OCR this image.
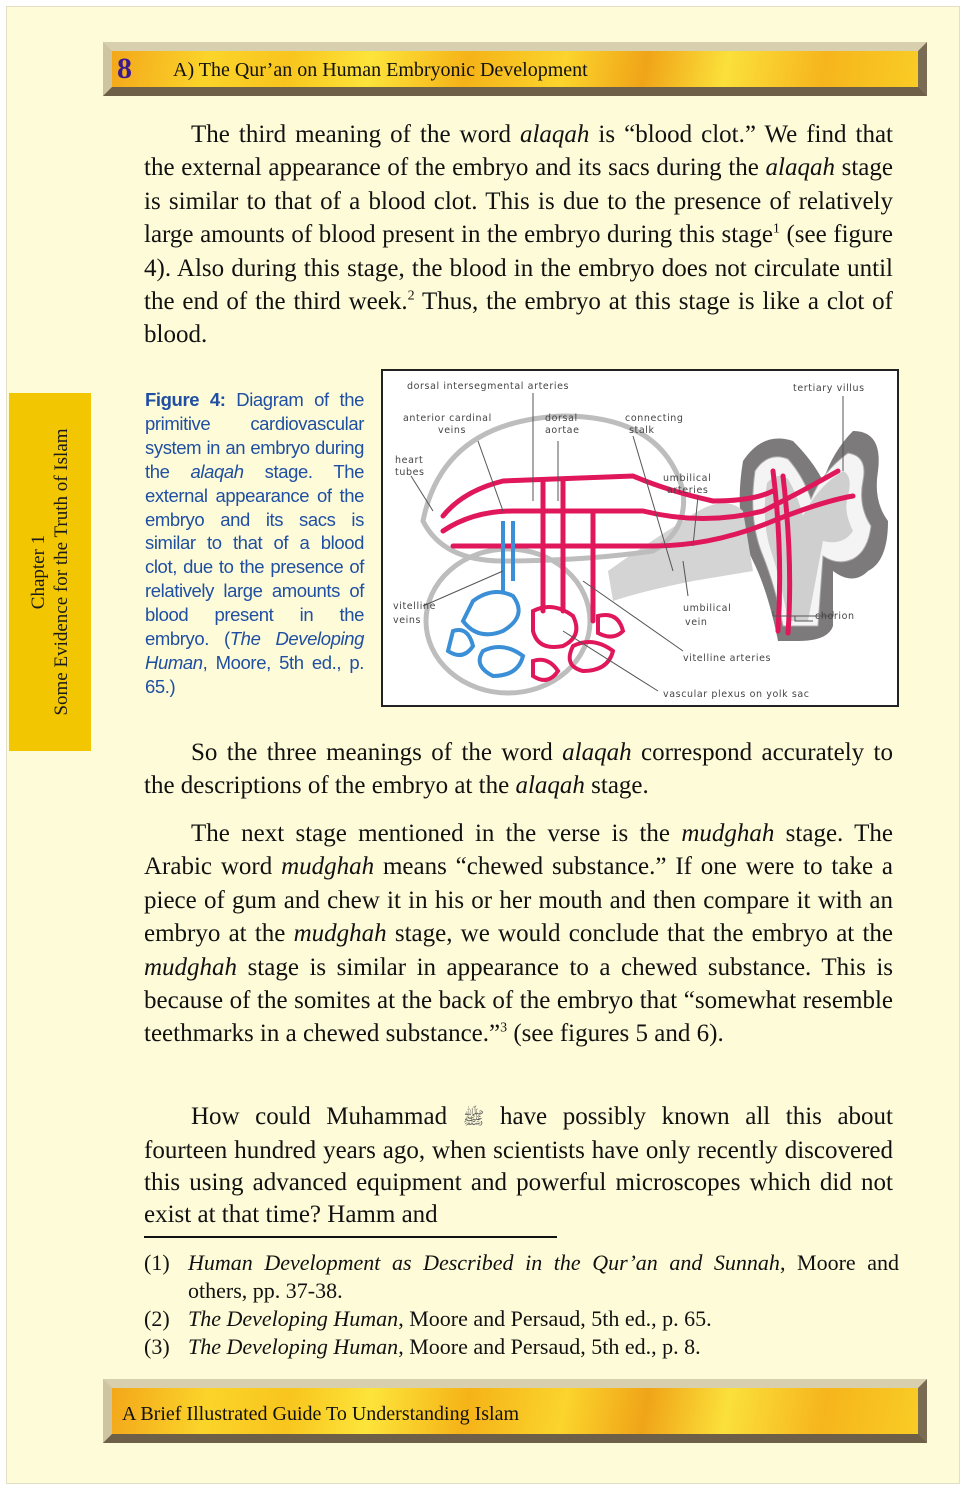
8 A) The Qur’an on Human Embryonic Development
Chapter 1 Some Evidence for the Truth of Islam

The third meaning of the word alaqah is “blood clot.” We find that the external appearance of the embryo and its sacs during the alaqah stage is similar to that of a blood clot. This is due to the presence of relatively large amounts of blood present in the embryo during this stage$^1$ (see figure 4). Also during this stage, the blood in the embryo does not circulate until the end of the third week.$^2$ Thus, the embryo at this stage is like a clot of blood.

Figure 4: Diagram of the primitive cardiovascular system in an embryo during the alaqah stage. The external appearance of the embryo and its sacs is similar to that of a blood clot, due to the presence of relatively large amounts of blood present in the embryo. (The Developing Human, Moore, 5th ed., p. 65.)
dorsal intersegmental arteries
anterior cardinal
veins
dorsal
aortae
connecting
stalk
tertiary villus
heart
tubes
umbilical
arteries
vitelline
veins
umbilical
vein
chorion
vitelline arteries
vascular plexus on yolk sac

So the three meanings of the word alaqah correspond accurately to the descriptions of the embryo at the alaqah stage.

The next stage mentioned in the verse is the mudghah stage. The Arabic word mudghah means “chewed substance.” If one were to take a piece of gum and chew it in his or her mouth and then compare it with an embryo at the mudghah stage, we would conclude that the embryo at the mudghah stage is similar in appearance to a chewed substance. This is because of the somites at the back of the embryo that “somewhat resemble teethmarks in a chewed substance.”$^3$ (see figures 5 and 6).

How could Muhammad ﷺ have possibly known all this about fourteen hundred years ago, when scientists have only recently discovered this using advanced equipment and powerful microscopes which did not exist at that time? Hamm and

(1) Human Development as Described in the Qur’an and Sunnah, Moore and others, pp. 37-38.
(2) The Developing Human, Moore and Persaud, 5th ed., p. 65.
(3) The Developing Human, Moore and Persaud, 5th ed., p. 8.
A Brief Illustrated Guide To Understanding Islam
